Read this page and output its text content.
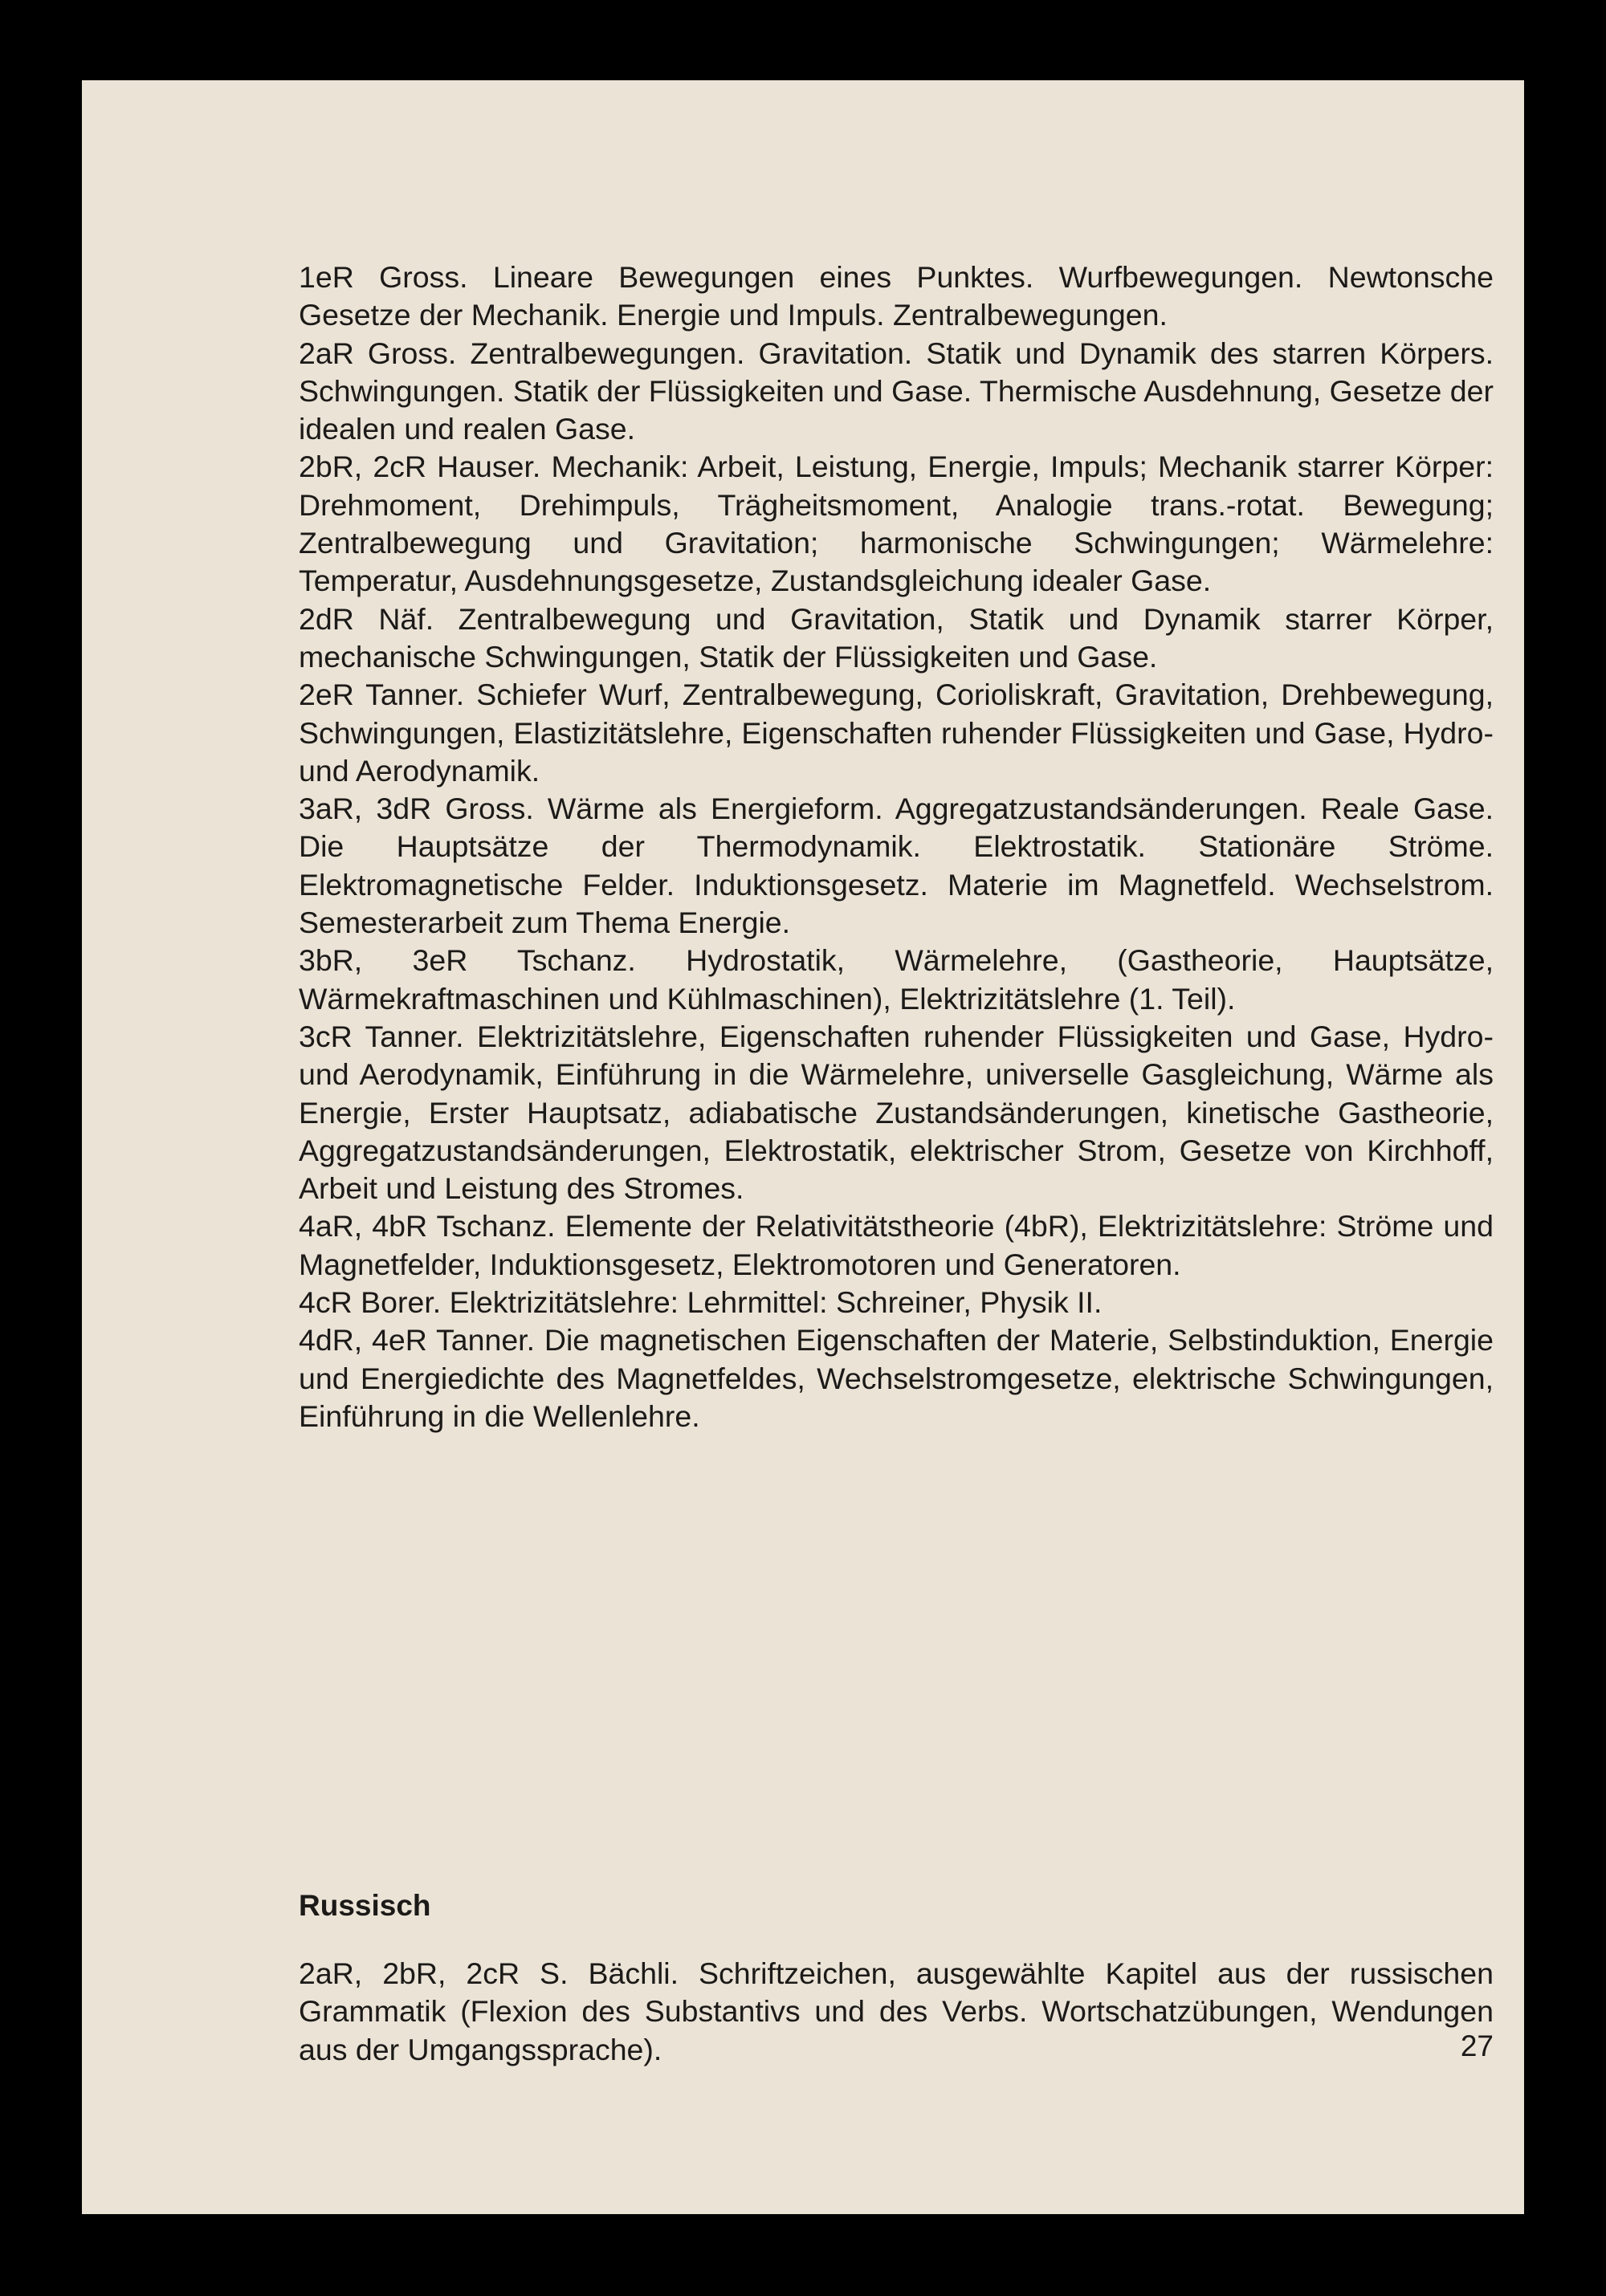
1eR Gross. Lineare Bewegungen eines Punktes. Wurfbewegungen. Newtonsche Gesetze der Mechanik. Energie und Impuls. Zentralbewegungen.

2aR Gross. Zentralbewegungen. Gravitation. Statik und Dynamik des starren Körpers. Schwingungen. Statik der Flüssigkeiten und Gase. Thermische Ausdehnung, Gesetze der idealen und realen Gase.

2bR, 2cR Hauser. Mechanik: Arbeit, Leistung, Energie, Impuls; Mechanik starrer Körper: Drehmoment, Drehimpuls, Trägheitsmoment, Analogie trans.-rotat. Bewegung; Zentralbewegung und Gravitation; harmonische Schwingungen; Wärmelehre: Temperatur, Ausdehnungsgesetze, Zustandsgleichung idealer Gase.

2dR Näf. Zentralbewegung und Gravitation, Statik und Dynamik starrer Körper, mechanische Schwingungen, Statik der Flüssigkeiten und Gase.

2eR Tanner. Schiefer Wurf, Zentralbewegung, Corioliskraft, Gravitation, Drehbewegung, Schwingungen, Elastizitätslehre, Eigenschaften ruhender Flüssigkeiten und Gase, Hydro- und Aerodynamik.

3aR, 3dR Gross. Wärme als Energieform. Aggregatzustandsänderungen. Reale Gase. Die Hauptsätze der Thermodynamik. Elektrostatik. Stationäre Ströme. Elektromagnetische Felder. Induktionsgesetz. Materie im Magnetfeld. Wechselstrom. Semesterarbeit zum Thema Energie.

3bR, 3eR Tschanz. Hydrostatik, Wärmelehre, (Gastheorie, Hauptsätze, Wärmekraftmaschinen und Kühlmaschinen), Elektrizitätslehre (1. Teil).

3cR Tanner. Elektrizitätslehre, Eigenschaften ruhender Flüssigkeiten und Gase, Hydro- und Aerodynamik, Einführung in die Wärmelehre, universelle Gasgleichung, Wärme als Energie, Erster Hauptsatz, adiabatische Zustandsänderungen, kinetische Gastheorie, Aggregatzustandsänderungen, Elektrostatik, elektrischer Strom, Gesetze von Kirchhoff, Arbeit und Leistung des Stromes.

4aR, 4bR Tschanz. Elemente der Relativitätstheorie (4bR), Elektrizitätslehre: Ströme und Magnetfelder, Induktionsgesetz, Elektromotoren und Generatoren.

4cR Borer. Elektrizitätslehre: Lehrmittel: Schreiner, Physik II.

4dR, 4eR Tanner. Die magnetischen Eigenschaften der Materie, Selbstinduktion, Energie und Energiedichte des Magnetfeldes, Wechselstromgesetze, elektrische Schwingungen, Einführung in die Wellenlehre.

Russisch

2aR, 2bR, 2cR S. Bächli. Schriftzeichen, ausgewählte Kapitel aus der russischen Grammatik (Flexion des Substantivs und des Verbs. Wortschatzübungen, Wendungen aus der Umgangssprache).	27
